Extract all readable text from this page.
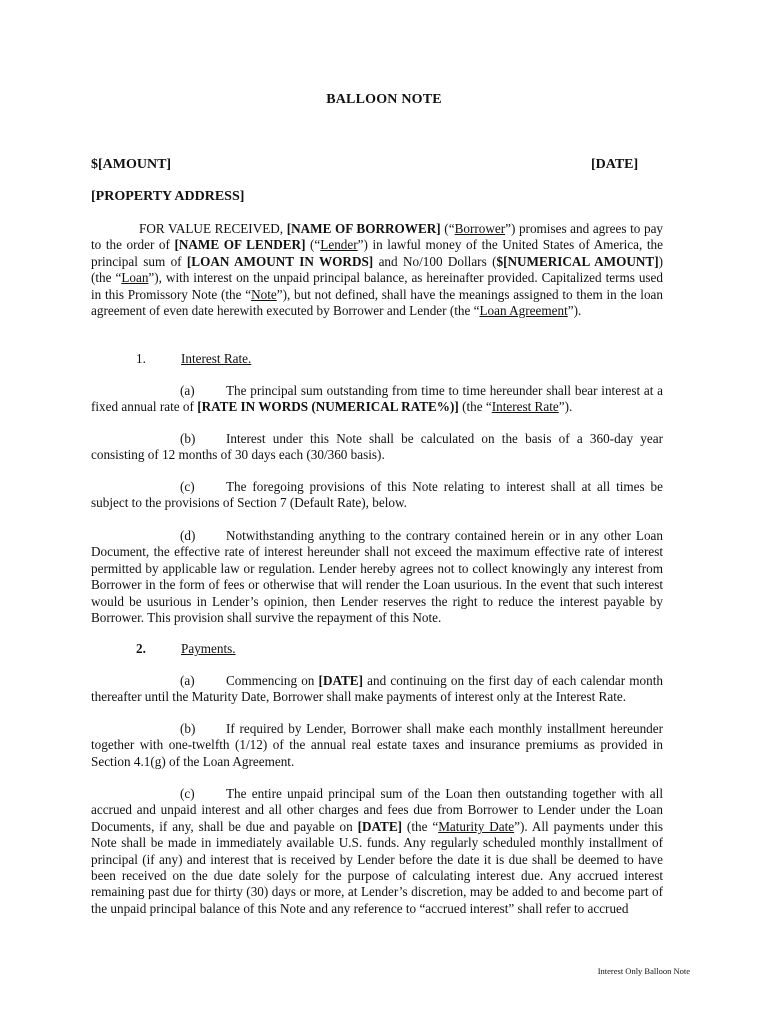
BALLOON NOTE
$[AMOUNT]	[DATE]
[PROPERTY ADDRESS]
FOR VALUE RECEIVED, [NAME OF BORROWER] (“Borrower”) promises and agrees to pay to the order of [NAME OF LENDER] (“Lender”) in lawful money of the United States of America, the principal sum of [LOAN AMOUNT IN WORDS] and No/100 Dollars ($[NUMERICAL AMOUNT]) (the “Loan”), with interest on the unpaid principal balance, as hereinafter provided. Capitalized terms used in this Promissory Note (the “Note”), but not defined, shall have the meanings assigned to them in the loan agreement of even date herewith executed by Borrower and Lender (the “Loan Agreement”).
1.	Interest Rate.
(a) The principal sum outstanding from time to time hereunder shall bear interest at a fixed annual rate of [RATE IN WORDS (NUMERICAL RATE%)] (the “Interest Rate”).
(b) Interest under this Note shall be calculated on the basis of a 360-day year consisting of 12 months of 30 days each (30/360 basis).
(c) The foregoing provisions of this Note relating to interest shall at all times be subject to the provisions of Section 7 (Default Rate), below.
(d) Notwithstanding anything to the contrary contained herein or in any other Loan Document, the effective rate of interest hereunder shall not exceed the maximum effective rate of interest permitted by applicable law or regulation. Lender hereby agrees not to collect knowingly any interest from Borrower in the form of fees or otherwise that will render the Loan usurious. In the event that such interest would be usurious in Lender’s opinion, then Lender reserves the right to reduce the interest payable by Borrower. This provision shall survive the repayment of this Note.
2.	Payments.
(a) Commencing on [DATE] and continuing on the first day of each calendar month thereafter until the Maturity Date, Borrower shall make payments of interest only at the Interest Rate.
(b) If required by Lender, Borrower shall make each monthly installment hereunder together with one-twelfth (1/12) of the annual real estate taxes and insurance premiums as provided in Section 4.1(g) of the Loan Agreement.
(c) The entire unpaid principal sum of the Loan then outstanding together with all accrued and unpaid interest and all other charges and fees due from Borrower to Lender under the Loan Documents, if any, shall be due and payable on [DATE] (the “Maturity Date”). All payments under this Note shall be made in immediately available U.S. funds. Any regularly scheduled monthly installment of principal (if any) and interest that is received by Lender before the date it is due shall be deemed to have been received on the due date solely for the purpose of calculating interest due. Any accrued interest remaining past due for thirty (30) days or more, at Lender’s discretion, may be added to and become part of the unpaid principal balance of this Note and any reference to “accrued interest” shall refer to accrued
Interest Only Balloon Note
